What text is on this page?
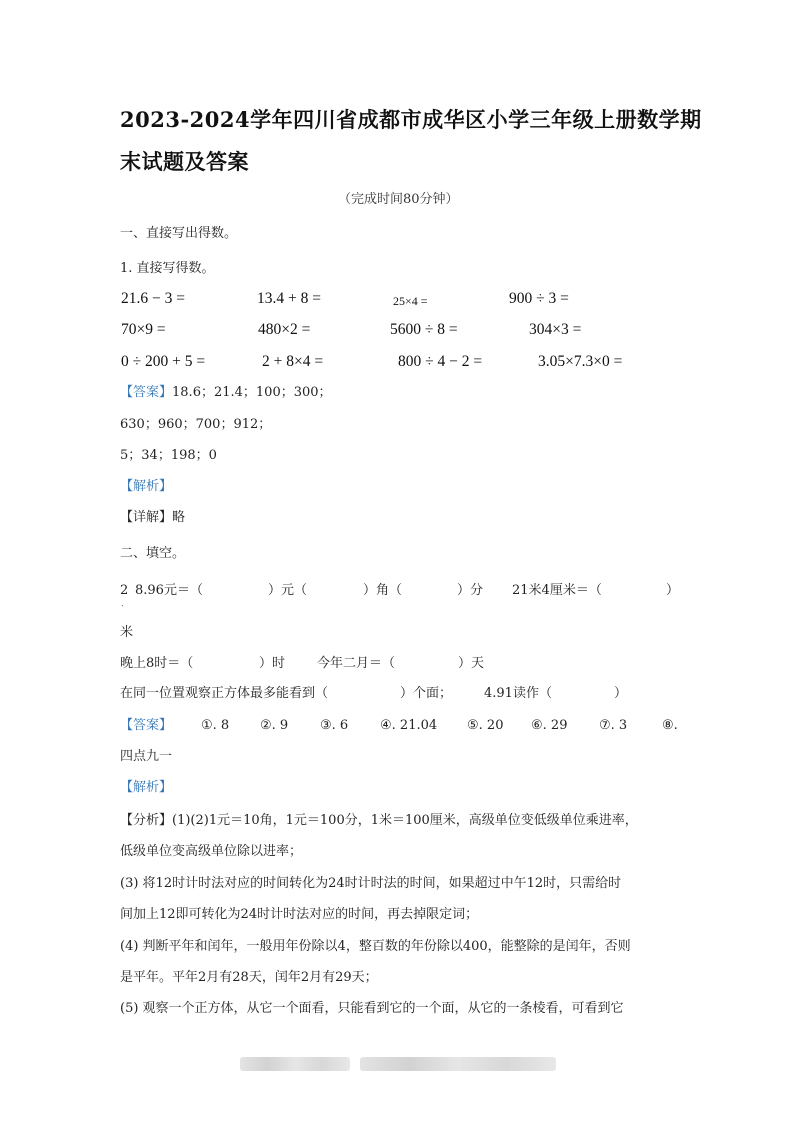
2023-2024学年四川省成都市成华区小学三年级上册数学期
末试题及答案
（完成时间80分钟）
一、直接写出得数。
1. 直接写得数。
21.6 − 3 =	13.4 + 8 =	25×4 =	900 ÷ 3 =
70×9 =	480×2 =	5600 ÷ 8 =	304×3 =
0 ÷ 200 + 5 =	2 + 8×4 =	800 ÷ 4 − 2 =	3.05×7.3×0 =
【答案】18.6；21.4；100；300；
630；960；700；912；
5；34；198；0
【解析】
【详解】略
二、填空。
2
．
8.96元＝（	）元（	）角（	）分 21米4厘米＝（	）
米
晚上8时＝（	）时 今年二月＝（	）天
在同一位置观察正方体最多能看到（	）个面； 4.91读作（	）
【答案】 ①. 8 ②. 9 ③. 6 ④. 21.04 ⑤. 20 ⑥. 29 ⑦. 3	⑧.
四点九一
【解析】
【分析】(1)(2)1元＝10角，1元＝100分，1米＝100厘米，高级单位变低级单位乘进率，
低级单位变高级单位除以进率；
(3) 将12时计时法对应的时间转化为24时计时法的时间，如果超过中午12时，只需给时
间加上12即可转化为24时计时法对应的时间，再去掉限定词；
(4) 判断平年和闰年，一般用年份除以4，整百数的年份除以400，能整除的是闰年，否则
是平年。平年2月有28天，闰年2月有29天；
(5) 观察一个正方体，从它一个面看，只能看到它的一个面，从它的一条棱看，可看到它
